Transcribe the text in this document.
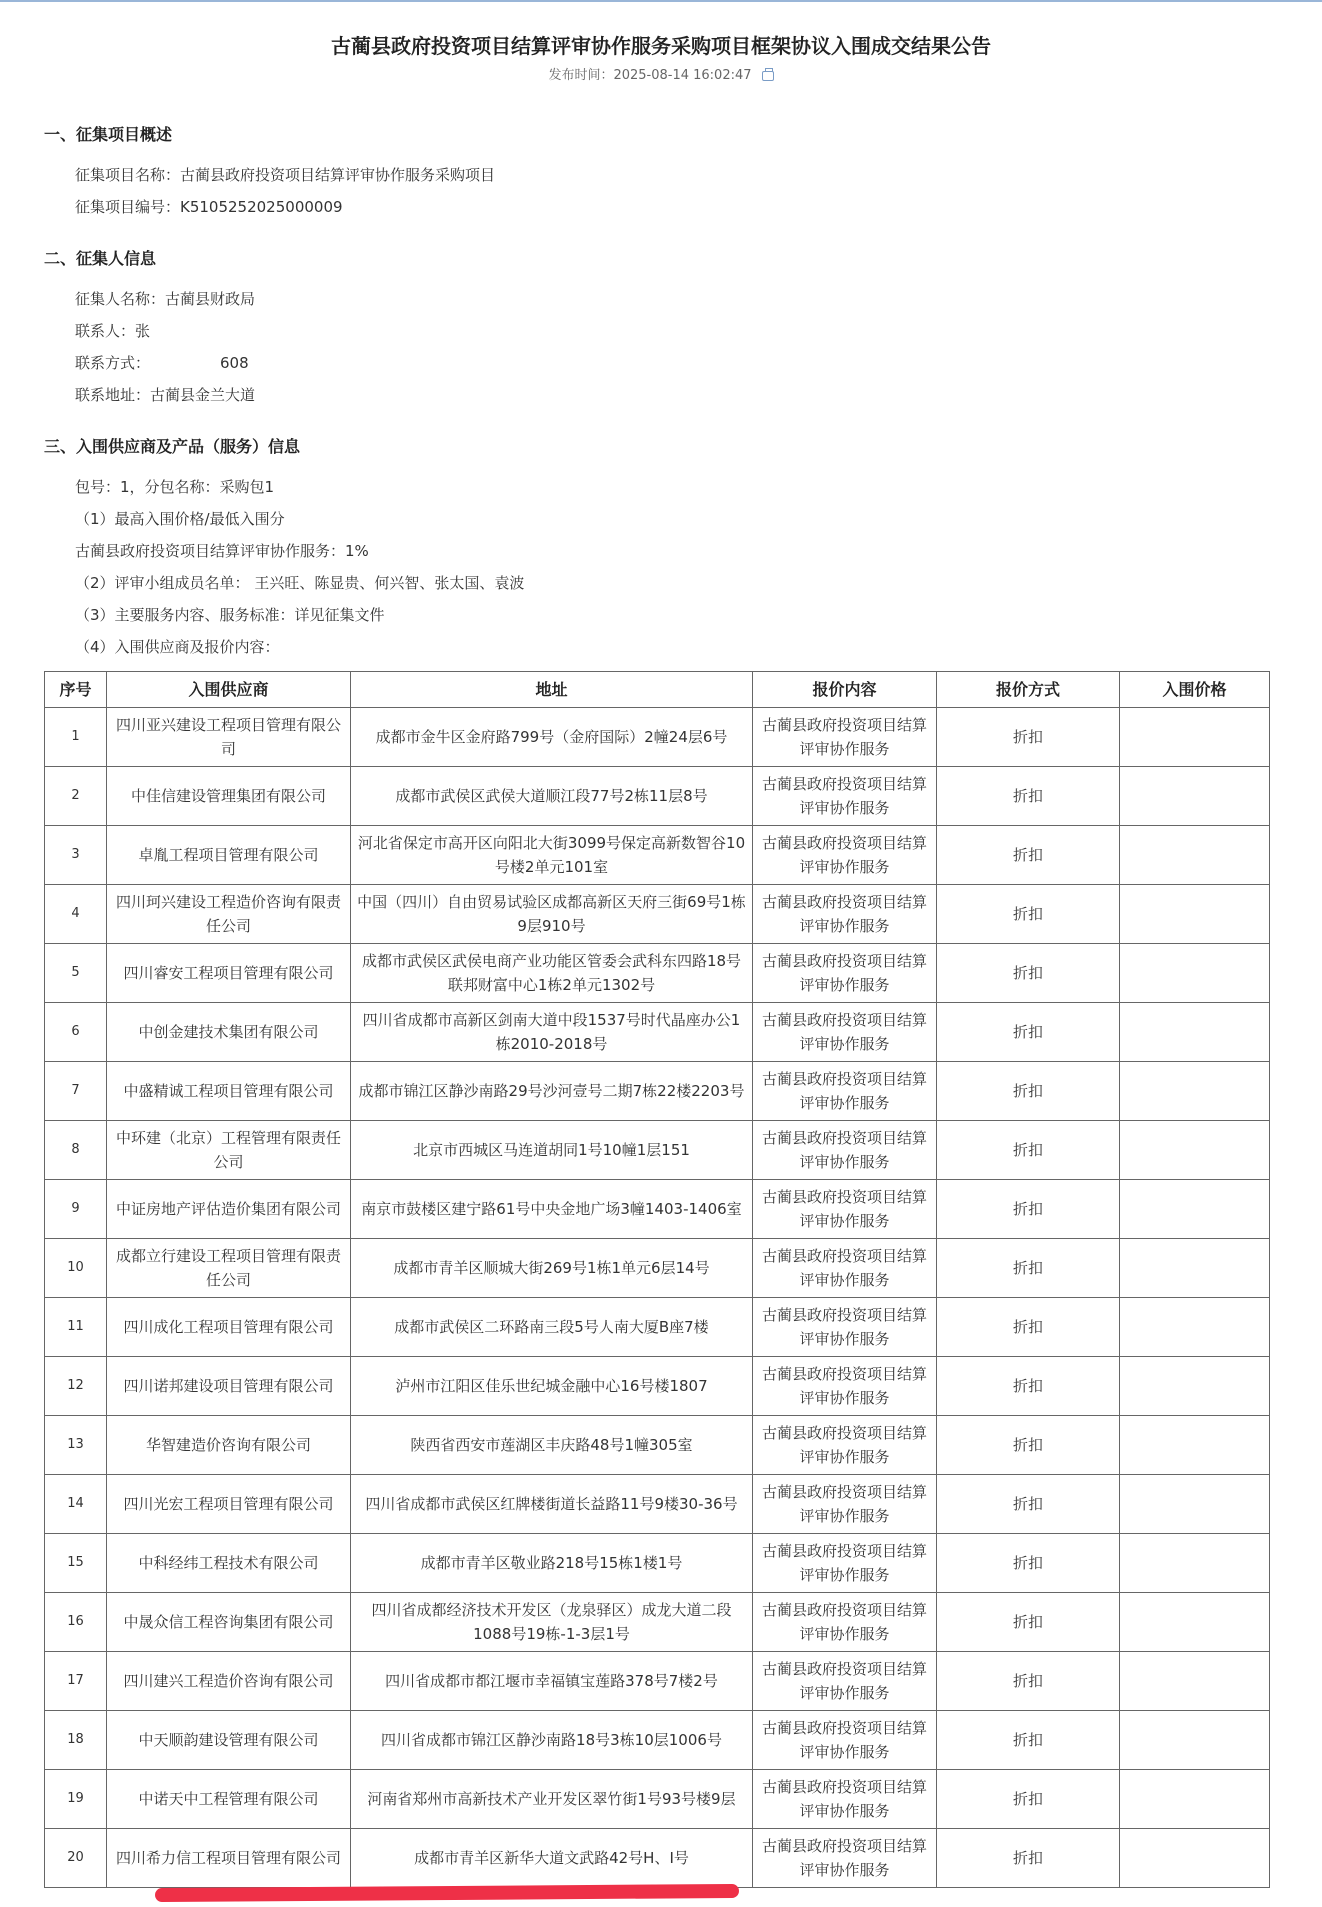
古蔺县政府投资项目结算评审协作服务采购项目框架协议入围成交结果公告
发布时间：2025-08-14 16:02:47
一、征集项目概述
征集项目名称：古蔺县政府投资项目结算评审协作服务采购项目
征集项目编号：K5105252025000009
二、征集人信息
征集人名称：古蔺县财政局
联系人：张
联系方式：	608
联系地址：古蔺县金兰大道
三、入围供应商及产品（服务）信息
包号：1，分包名称：采购包1
（1）最高入围价格/最低入围分
古蔺县政府投资项目结算评审协作服务：1%
（2）评审小组成员名单： 王兴旺、陈显贵、何兴智、张太国、袁波
（3）主要服务内容、服务标准：详见征集文件
（4）入围供应商及报价内容：
序号	入围供应商	地址	报价内容	报价方式	入围价格
1	四川亚兴建设工程项目管理有限公司	成都市金牛区金府路799号（金府国际）2幢24层6号	古蔺县政府投资项目结算评审协作服务	折扣	
2	中佳信建设管理集团有限公司	成都市武侯区武侯大道顺江段77号2栋11层8号	古蔺县政府投资项目结算评审协作服务	折扣	
3	卓胤工程项目管理有限公司	河北省保定市高开区向阳北大街3099号保定高新数智谷10号楼2单元101室	古蔺县政府投资项目结算评审协作服务	折扣	
4	四川珂兴建设工程造价咨询有限责任公司	中国（四川）自由贸易试验区成都高新区天府三街69号1栋9层910号	古蔺县政府投资项目结算评审协作服务	折扣	
5	四川睿安工程项目管理有限公司	成都市武侯区武侯电商产业功能区管委会武科东四路18号联邦财富中心1栋2单元1302号	古蔺县政府投资项目结算评审协作服务	折扣	
6	中创金建技术集团有限公司	四川省成都市高新区剑南大道中段1537号时代晶座办公1栋2010-2018号	古蔺县政府投资项目结算评审协作服务	折扣	
7	中盛精诚工程项目管理有限公司	成都市锦江区静沙南路29号沙河壹号二期7栋22楼2203号	古蔺县政府投资项目结算评审协作服务	折扣	
8	中环建（北京）工程管理有限责任公司	北京市西城区马连道胡同1号10幢1层151	古蔺县政府投资项目结算评审协作服务	折扣	
9	中证房地产评估造价集团有限公司	南京市鼓楼区建宁路61号中央金地广场3幢1403-1406室	古蔺县政府投资项目结算评审协作服务	折扣	
10	成都立行建设工程项目管理有限责任公司	成都市青羊区顺城大街269号1栋1单元6层14号	古蔺县政府投资项目结算评审协作服务	折扣	
11	四川成化工程项目管理有限公司	成都市武侯区二环路南三段5号人南大厦B座7楼	古蔺县政府投资项目结算评审协作服务	折扣	
12	四川诺邦建设项目管理有限公司	泸州市江阳区佳乐世纪城金融中心16号楼1807	古蔺县政府投资项目结算评审协作服务	折扣	
13	华智建造价咨询有限公司	陕西省西安市莲湖区丰庆路48号1幢305室	古蔺县政府投资项目结算评审协作服务	折扣	
14	四川光宏工程项目管理有限公司	四川省成都市武侯区红牌楼街道长益路11号9楼30-36号	古蔺县政府投资项目结算评审协作服务	折扣	
15	中科经纬工程技术有限公司	成都市青羊区敬业路218号15栋1楼1号	古蔺县政府投资项目结算评审协作服务	折扣	
16	中晟众信工程咨询集团有限公司	四川省成都经济技术开发区（龙泉驿区）成龙大道二段1088号19栋-1-3层1号	古蔺县政府投资项目结算评审协作服务	折扣	
17	四川建兴工程造价咨询有限公司	四川省成都市都江堰市幸福镇宝莲路378号7楼2号	古蔺县政府投资项目结算评审协作服务	折扣	
18	中天顺韵建设管理有限公司	四川省成都市锦江区静沙南路18号3栋10层1006号	古蔺县政府投资项目结算评审协作服务	折扣	
19	中诺天中工程管理有限公司	河南省郑州市高新技术产业开发区翠竹街1号93号楼9层	古蔺县政府投资项目结算评审协作服务	折扣	
20	四川希力信工程项目管理有限公司	成都市青羊区新华大道文武路42号H、I号	古蔺县政府投资项目结算评审协作服务	折扣	
